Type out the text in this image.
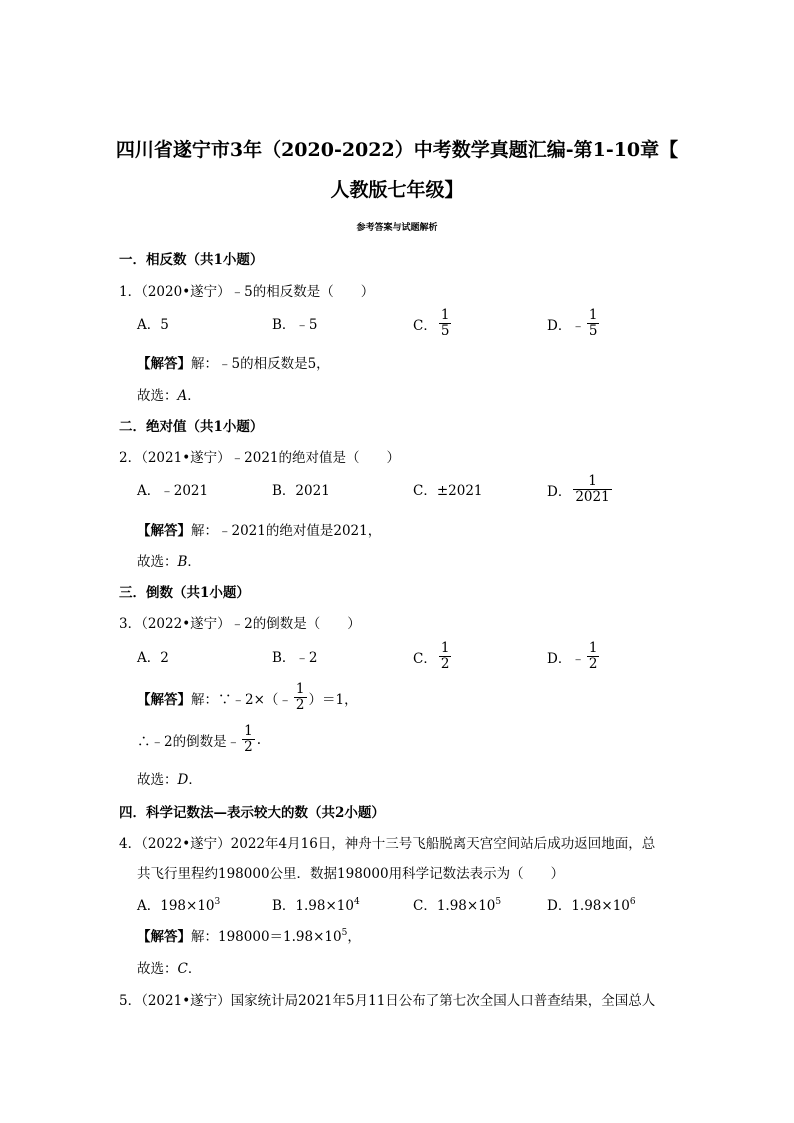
四川省遂宁市3年（2020-2022）中考数学真题汇编-第1-10章【
人教版七年级】
参考答案与试题解析
一．相反数（共1小题）
1．（2020•遂宁）﹣5的相反数是（　　）
A．5	B．﹣5	C． $\frac{1}{5}$	D．﹣ $\frac{1}{5}$
【解答】解：﹣5的相反数是5，
故选：A．
二．绝对值（共1小题）
2．（2021•遂宁）﹣2021的绝对值是（　　）
A．﹣2021	B．2021	C．±2021	D． $\frac{1}{2021}$
【解答】解：﹣2021的绝对值是2021，
故选：B．
三．倒数（共1小题）
3．（2022•遂宁）﹣2的倒数是（　　）
A．2	B．﹣2	C． $\frac{1}{2}$	D．﹣ $\frac{1}{2}$
【解答】 解：∵﹣2×（﹣ $\frac{1}{2} )=1$，
∴﹣2的倒数是﹣ $\frac{1}{2}$ .
故选：D．
四．科学记数法—表示较大的数（共2小题）
4．（2022•遂宁）2022年4月16日，神舟十三号飞船脱离天宫空间站后成功返回地面，总
共飞行里程约198000公里．数据198000用科学记数法表示为（　　）
A．$198\times 10^3$	B．$1.98\times 10^4$	C．$1.98\times 10^5$	D．$1.98\times 10^6$
【解答】解：$198000=1.98\times 10^5$，
故选：C．
5．（2021•遂宁）国家统计局2021年5月11日公布了第七次全国人口普查结果，全国总人
